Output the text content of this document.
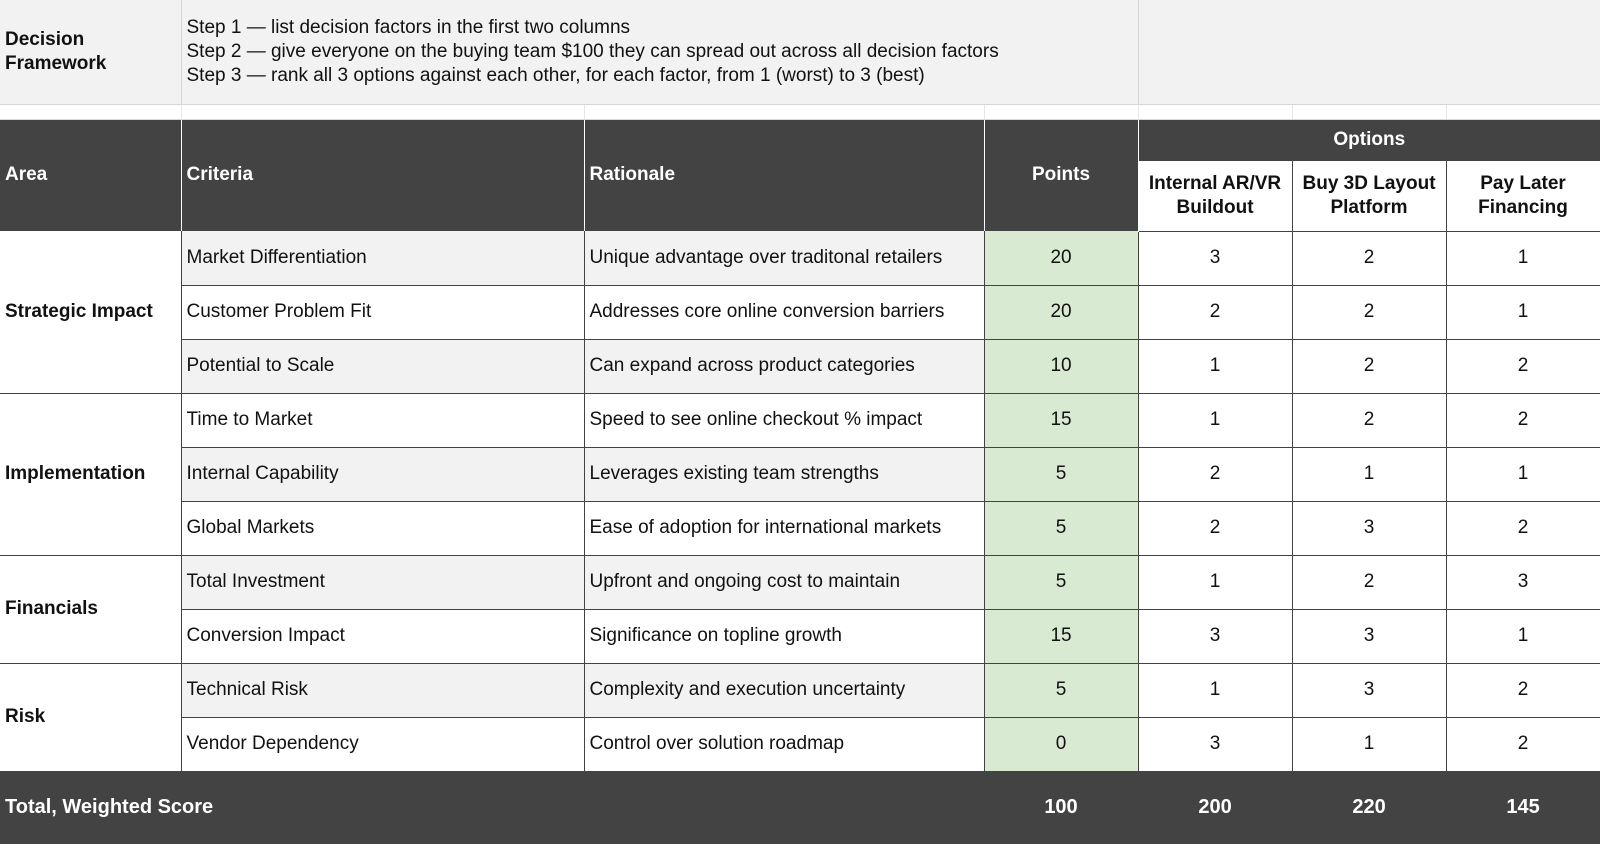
Decision Framework	Step 1 — list decision factors in the first two columns
Step 2 — give everyone on the buying team $100 they can spread out across all decision factors
Step 3 — rank all 3 options against each other, for each factor, from 1 (worst) to 3 (best)					

Area	Criteria	Rationale	Points	Options		
				Internal AR/VR Buildout	Buy 3D Layout Platform	Pay Later Financing
Strategic Impact	Market Differentiation	Unique advantage over traditonal retailers	20	3	2	1
	Customer Problem Fit	Addresses core online conversion barriers	20	2	2	1
	Potential to Scale	Can expand across product categories	10	1	2	2
Implementation	Time to Market	Speed to see online checkout % impact	15	1	2	2
	Internal Capability	Leverages existing team strengths	5	2	1	1
	Global Markets	Ease of adoption for international markets	5	2	3	2
Financials	Total Investment	Upfront and ongoing cost to maintain	5	1	2	3
	Conversion Impact	Significance on topline growth	15	3	3	1
Risk	Technical Risk	Complexity and execution uncertainty	5	1	3	2
	Vendor Dependency	Control over solution roadmap	0	3	1	2
Total, Weighted Score			100	200	220	145
